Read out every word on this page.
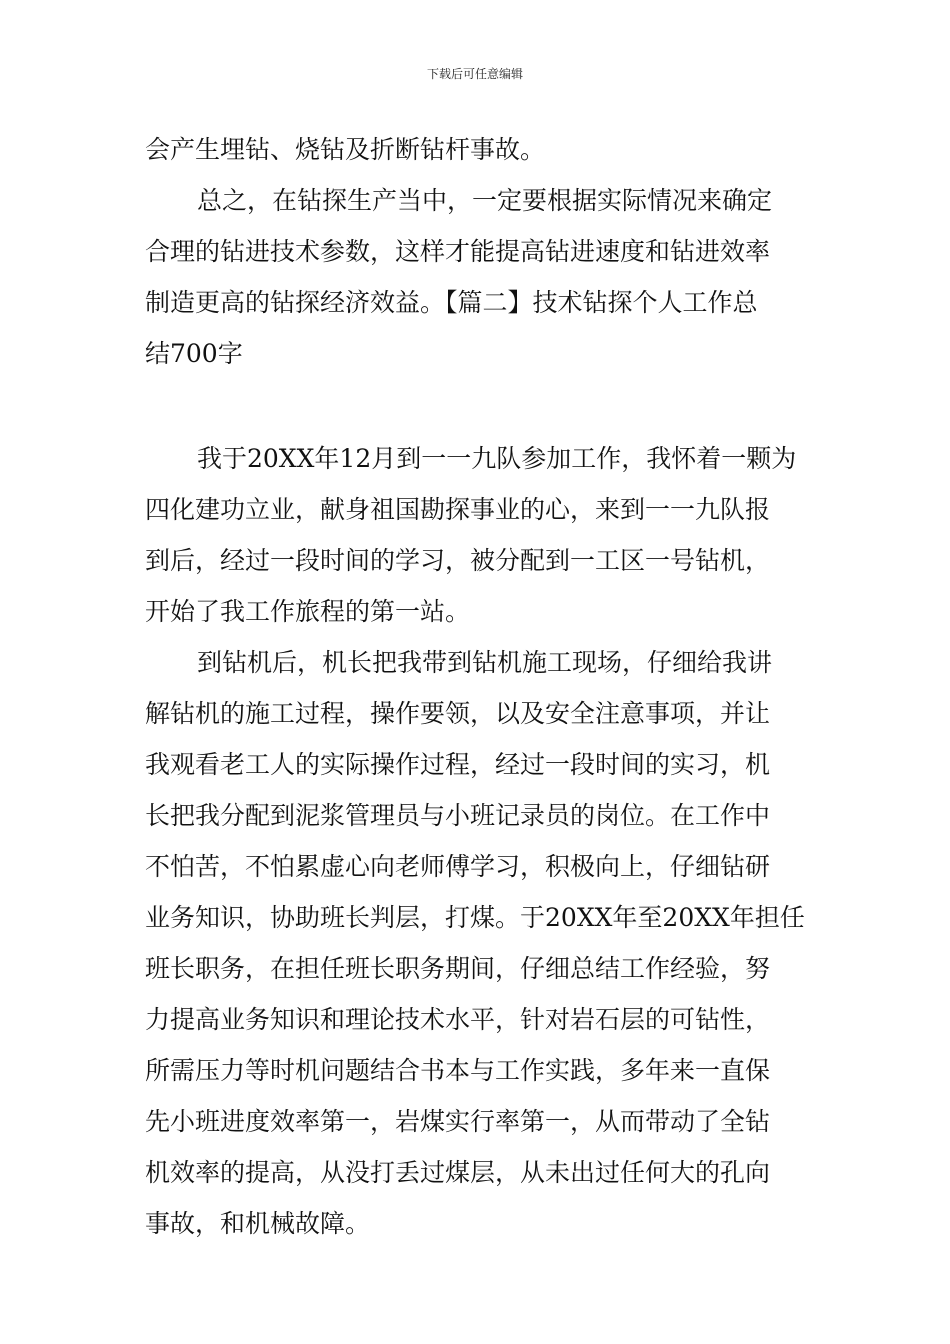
下载后可任意编辑
会产生埋钻、烧钻及折断钻杆事故。
总之，在钻探生产当中，一定要根据实际情况来确定
合理的钻进技术参数，这样才能提高钻进速度和钻进效率
制造更高的钻探经济效益。【篇二】技术钻探个人工作总
结700字
我于20XX年12月到一一九队参加工作，我怀着一颗为
四化建功立业，献身祖国勘探事业的心，来到一一九队报
到后，经过一段时间的学习，被分配到一工区一号钻机，
开始了我工作旅程的第一站。
到钻机后，机长把我带到钻机施工现场，仔细给我讲
解钻机的施工过程，操作要领，以及安全注意事项，并让
我观看老工人的实际操作过程，经过一段时间的实习，机
长把我分配到泥浆管理员与小班记录员的岗位。在工作中
不怕苦，不怕累虚心向老师傅学习，积极向上，仔细钻研
业务知识，协助班长判层，打煤。于20XX年至20XX年担任
班长职务，在担任班长职务期间，仔细总结工作经验，努
力提高业务知识和理论技术水平，针对岩石层的可钻性，
所需压力等时机问题结合书本与工作实践，多年来一直保
先小班进度效率第一，岩煤实行率第一，从而带动了全钻
机效率的提高，从没打丢过煤层，从未出过任何大的孔向
事故，和机械故障。
